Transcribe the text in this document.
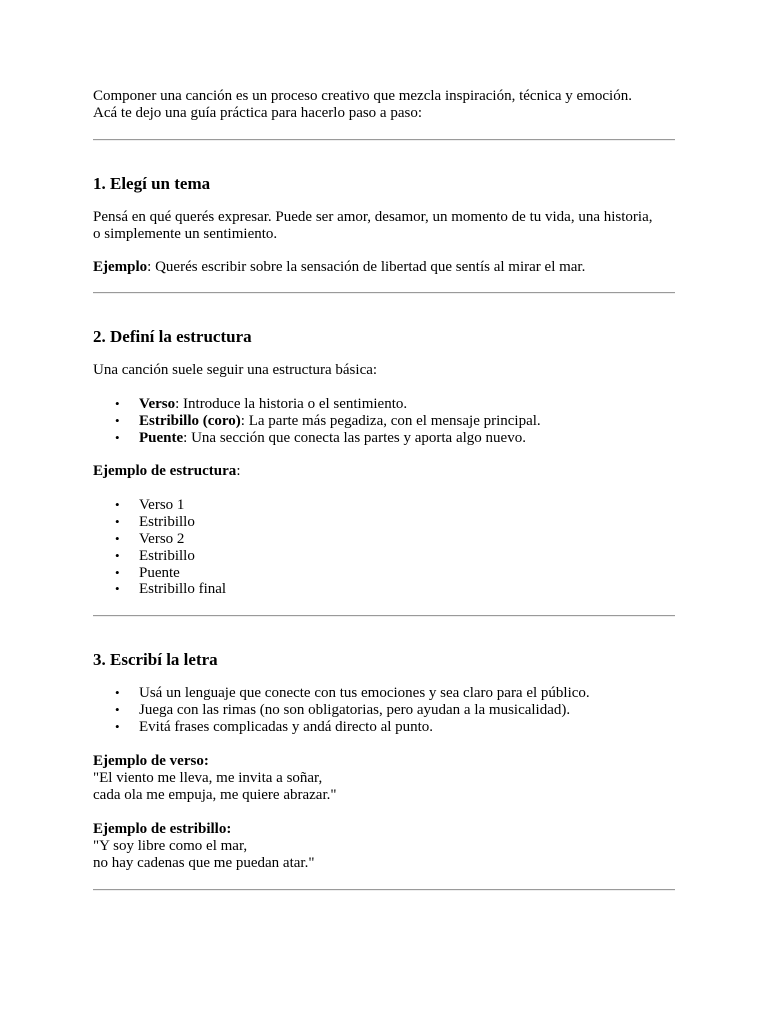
Componer una canción es un proceso creativo que mezcla inspiración, técnica y emoción.
Acá te dejo una guía práctica para hacerlo paso a paso:

1. Elegí un tema

Pensá en qué querés expresar. Puede ser amor, desamor, un momento de tu vida, una historia,
o simplemente un sentimiento.

Ejemplo: Querés escribir sobre la sensación de libertad que sentís al mirar el mar.

2. Definí la estructura

Una canción suele seguir una estructura básica:

• Verso: Introduce la historia o el sentimiento.
• Estribillo (coro): La parte más pegadiza, con el mensaje principal.
• Puente: Una sección que conecta las partes y aporta algo nuevo.

Ejemplo de estructura:

• Verso 1
• Estribillo
• Verso 2
• Estribillo
• Puente
• Estribillo final
3. Escribí la letra
• Usá un lenguaje que conecte con tus emociones y sea claro para el público.
• Juega con las rimas (no son obligatorias, pero ayudan a la musicalidad).
• Evitá frases complicadas y andá directo al punto.

Ejemplo de verso:
"El viento me lleva, me invita a soñar,
cada ola me empuja, me quiere abrazar."

Ejemplo de estribillo:
"Y soy libre como el mar,
no hay cadenas que me puedan atar."
